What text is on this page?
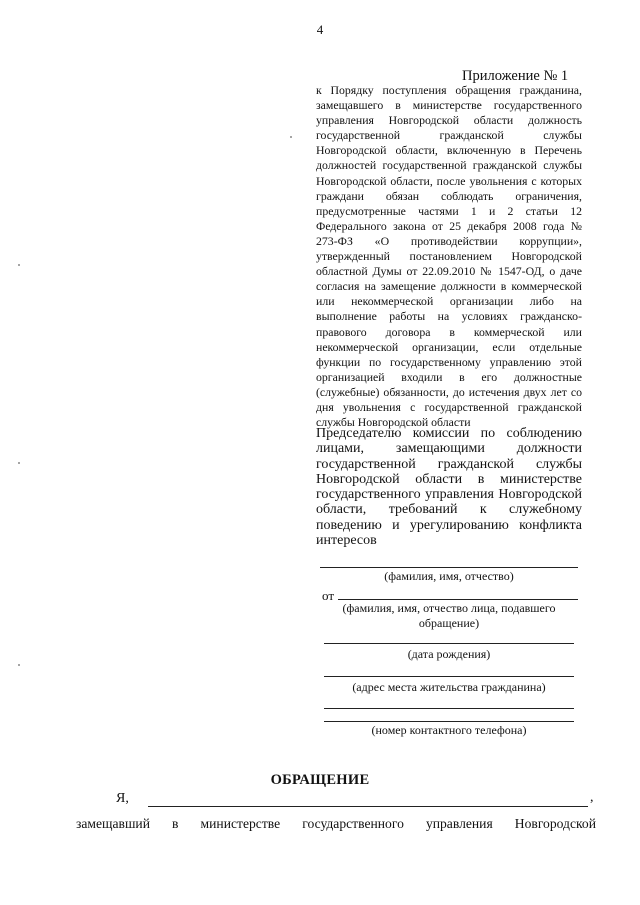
4
Приложение № 1
к Порядку поступления обращения гражданина, замещавшего в министерстве государственного управления Новгородской области должность государственной гражданской службы Новгородской области, включенную в Перечень должностей государственной гражданской службы Новгородской области, после увольнения с которых граждани обязан соблюдать ограничения, предусмотренные частями 1 и 2 статьи 12 Федерального закона от 25 декабря 2008 года № 273-ФЗ «О противодействии коррупции», утвержденный постановлением Новгородской областной Думы от 22.09.2010 № 1547-ОД, о даче согласия на замещение должности в коммерческой или некоммерческой организации либо на выполнение работы на условиях гражданско-правового договора в коммерческой или некоммерческой организации, если отдельные функции по государственному управлению этой организацией входили в его должностные (служебные) обязанности, до истечения двух лет со дня увольнения с государственной гражданской службы Новгородской области
Председателю комиссии по соблюдению лицами, замещающими должности государственной гражданской службы Новгородской области в министерстве государственного управления Новгородской области, требований к служебному поведению и урегулированию конфликта интересов
(фамилия, имя, отчество)
от
(фамилия, имя, отчество лица, подавшего обращение)
(дата рождения)
(адрес места жительства гражданина)
(номер контактного телефона)
ОБРАЩЕНИЕ
Я,	,
замещавший в министерстве государственного управления Новгородской
